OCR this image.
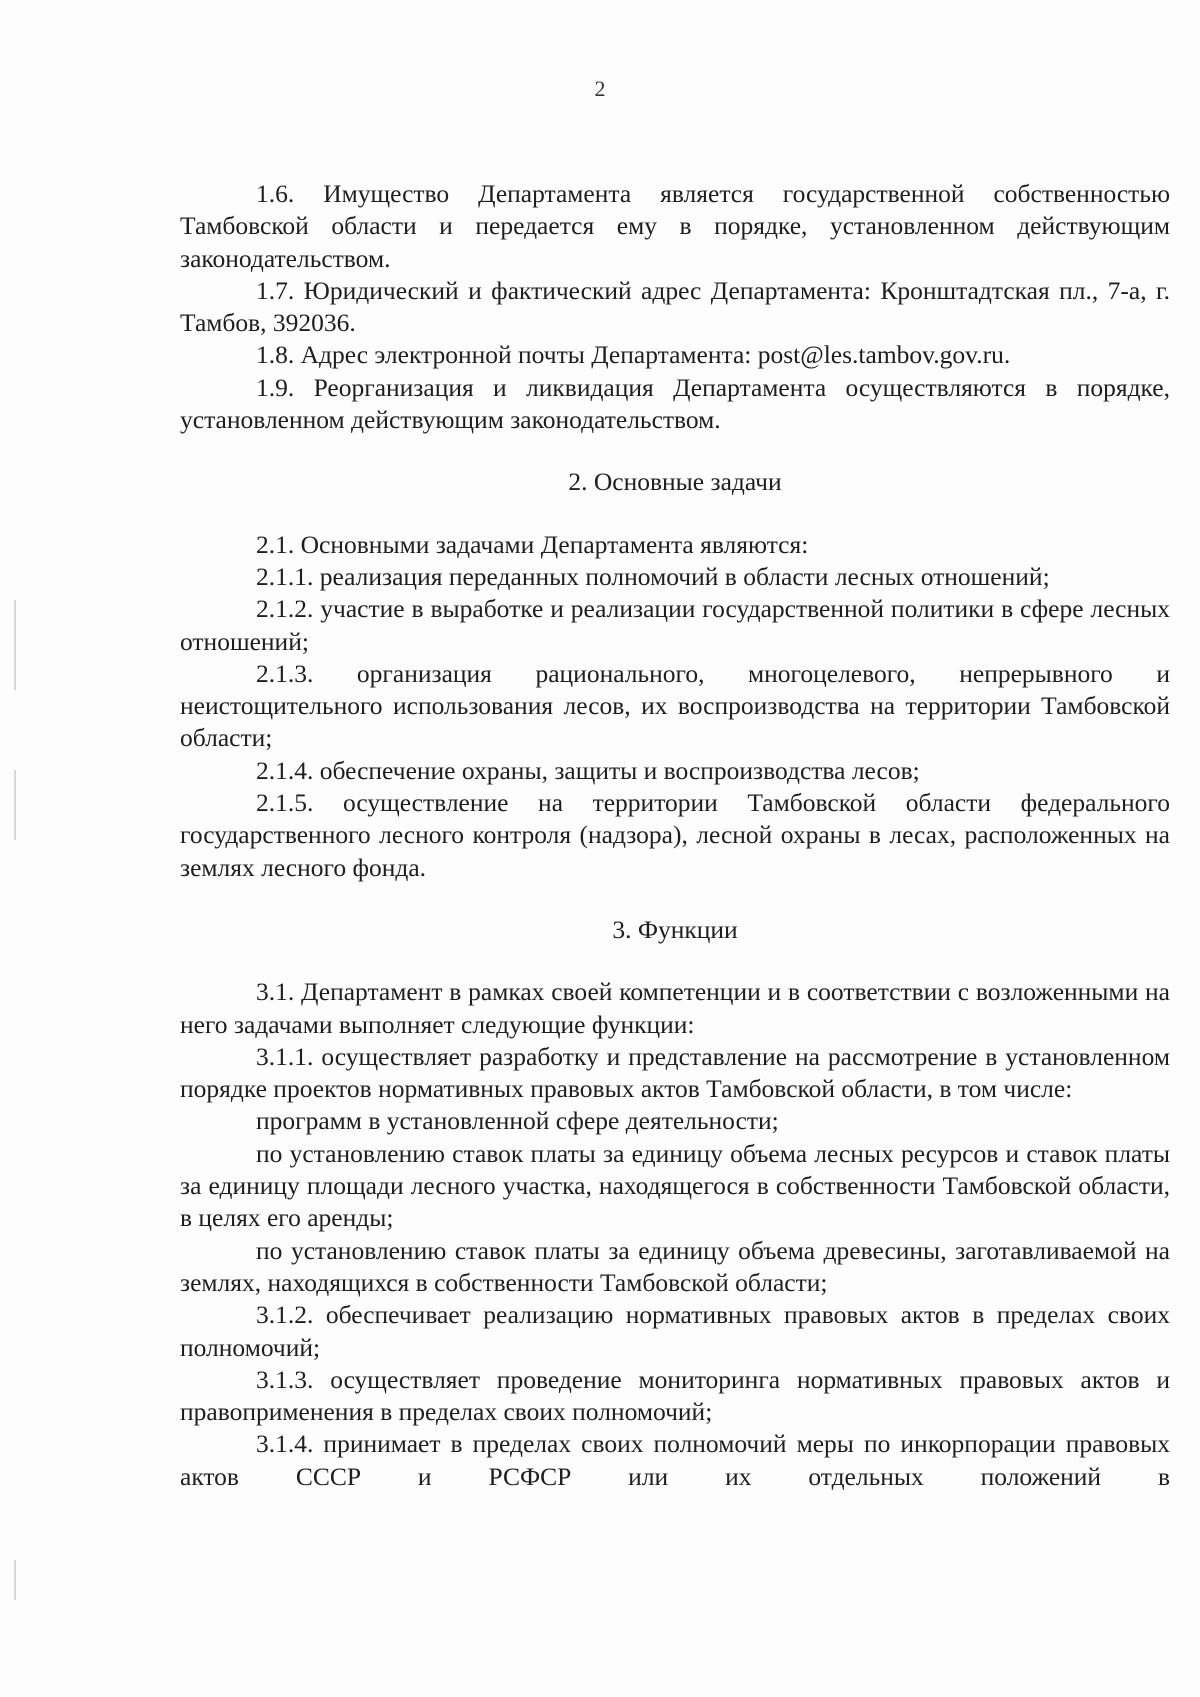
2

1.6. Имущество Департамента является государственной собственностью Тамбовской области и передается ему в порядке, установленном действующим законодательством.

1.7. Юридический и фактический адрес Департамента: Кронштадтская пл., 7-а, г. Тамбов, 392036.

1.8. Адрес электронной почты Департамента: post@les.tambov.gov.ru.

1.9. Реорганизация и ликвидация Департамента осуществляются в порядке, установленном действующим законодательством.

2. Основные задачи

2.1. Основными задачами Департамента являются:

2.1.1. реализация переданных полномочий в области лесных отношений;

2.1.2. участие в выработке и реализации государственной политики в сфере лесных отношений;

2.1.3. организация рационального, многоцелевого, непрерывного и неистощительного использования лесов, их воспроизводства на территории Тамбовской области;

2.1.4. обеспечение охраны, защиты и воспроизводства лесов;

2.1.5. осуществление на территории Тамбовской области федерального государственного лесного контроля (надзора), лесной охраны в лесах, расположенных на землях лесного фонда.

3. Функции

3.1. Департамент в рамках своей компетенции и в соответствии с возложенными на него задачами выполняет следующие функции:

3.1.1. осуществляет разработку и представление на рассмотрение в установленном порядке проектов нормативных правовых актов Тамбовской области, в том числе:

программ в установленной сфере деятельности;

по установлению ставок платы за единицу объема лесных ресурсов и ставок платы за единицу площади лесного участка, находящегося в собственности Тамбовской области, в целях его аренды;

по установлению ставок платы за единицу объема древесины, заготавливаемой на землях, находящихся в собственности Тамбовской области;

3.1.2. обеспечивает реализацию нормативных правовых актов в пределах своих полномочий;

3.1.3. осуществляет проведение мониторинга нормативных правовых актов и правоприменения в пределах своих полномочий;

3.1.4. принимает в пределах своих полномочий меры по инкорпорации правовых актов СССР и РСФСР или их отдельных положений в
